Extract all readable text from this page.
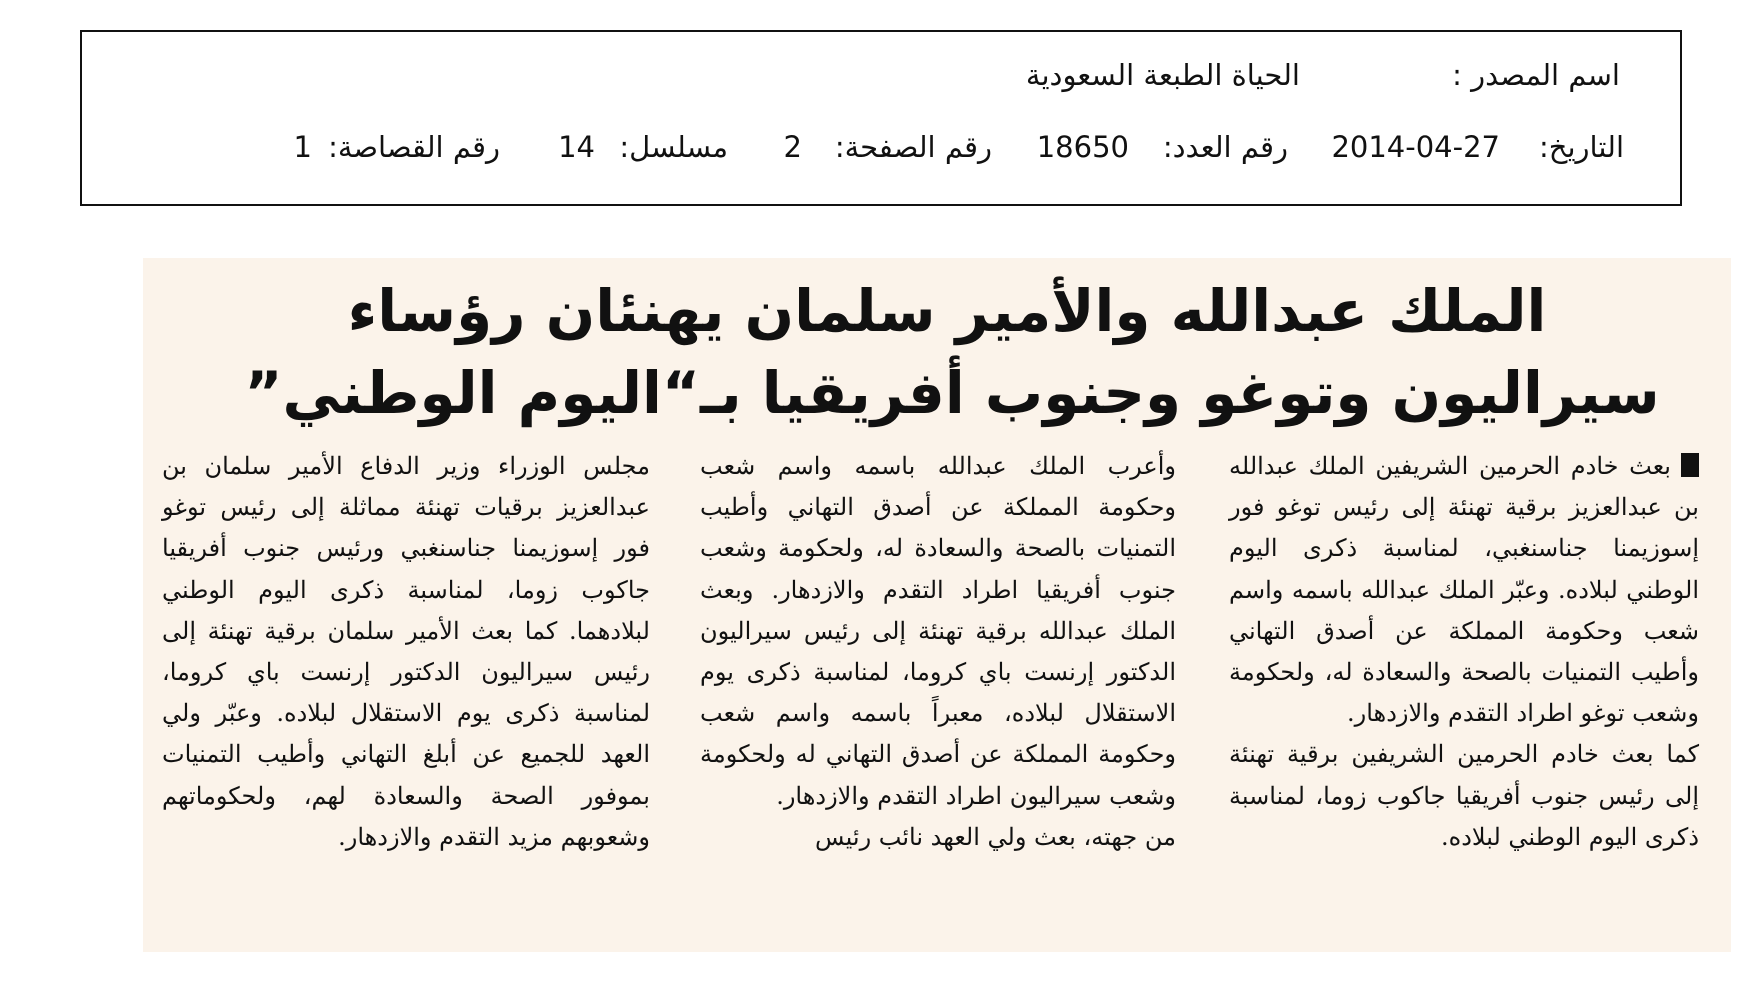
اسم المصدر :
الحياة الطبعة السعودية
التاريخ:
2014-04-27
رقم العدد:
18650
رقم الصفحة:
2
مسلسل:
14
رقم القصاصة:
1
الملك عبدالله والأمير سلمان يهنئان رؤساء
سيراليون وتوغو وجنوب أفريقيا بـ“اليوم الوطني”

بعث خادم الحرمين الشريفين الملك عبدالله بن عبدالعزيز برقية تهنئة إلى رئيس توغو فور إسوزيمنا جناسنغبي، لمناسبة ذكرى اليوم الوطني لبلاده. وعبّر الملك عبدالله باسمه واسم شعب وحكومة المملكة عن أصدق التهاني وأطيب التمنيات بالصحة والسعادة له، ولحكومة وشعب توغو اطراد التقدم والازدهار.

كما بعث خادم الحرمين الشريفين برقية تهنئة إلى رئيس جنوب أفريقيا جاكوب زوما، لمناسبة ذكرى اليوم الوطني لبلاده.

وأعرب الملك عبدالله باسمه واسم شعب وحكومة المملكة عن أصدق التهاني وأطيب التمنيات بالصحة والسعادة له، ولحكومة وشعب جنوب أفريقيا اطراد التقدم والازدهار. وبعث الملك عبدالله برقية تهنئة إلى رئيس سيراليون الدكتور إرنست باي كروما، لمناسبة ذكرى يوم الاستقلال لبلاده، معبراً باسمه واسم شعب وحكومة المملكة عن أصدق التهاني له ولحكومة وشعب سيراليون اطراد التقدم والازدهار.

من جهته، بعث ولي العهد نائب رئيس

مجلس الوزراء وزير الدفاع الأمير سلمان بن عبدالعزيز برقيات تهنئة مماثلة إلى رئيس توغو فور إسوزيمنا جناسنغبي ورئيس جنوب أفريقيا جاكوب زوما، لمناسبة ذكرى اليوم الوطني لبلادهما. كما بعث الأمير سلمان برقية تهنئة إلى رئيس سيراليون الدكتور إرنست باي كروما، لمناسبة ذكرى يوم الاستقلال لبلاده. وعبّر ولي العهد للجميع عن أبلغ التهاني وأطيب التمنيات بموفور الصحة والسعادة لهم، ولحكوماتهم وشعوبهم مزيد التقدم والازدهار.
